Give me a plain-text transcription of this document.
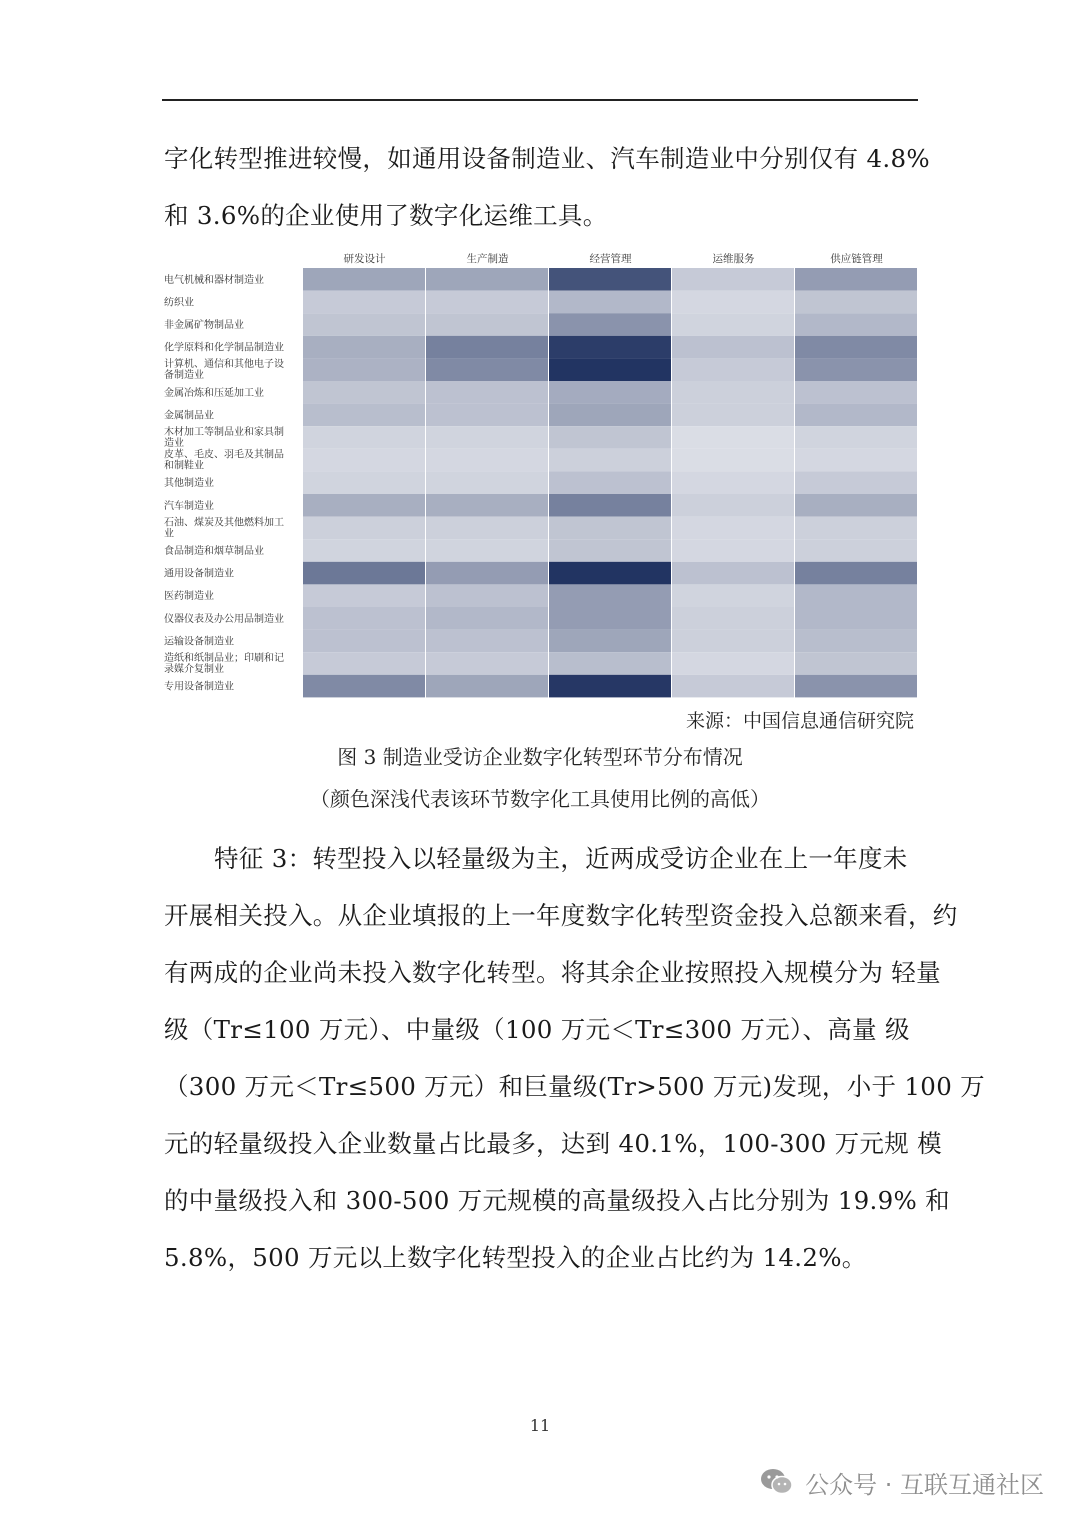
字化转型推进较慢，如通用设备制造业、汽车制造业中分别仅有 4.8%
和 3.6%的企业使用了数字化运维工具。
研发设计	生产制造	经营管理	运维服务	供应链管理
电气机械和器材制造业
纺织业
非金属矿物制品业
化学原料和化学制品制造业
计算机、通信和其他电子设
备制造业
金属冶炼和压延加工业
金属制品业
木材加工等制品业和家具制
造业
皮革、毛皮、羽毛及其制品
和制鞋业
其他制造业
汽车制造业
石油、煤炭及其他燃料加工
业
食品制造和烟草制品业
通用设备制造业
医药制造业
仪器仪表及办公用品制造业
运输设备制造业
造纸和纸制品业；印刷和记
录媒介复制业
专用设备制造业
来源：中国信息通信研究院
图 3 制造业受访企业数字化转型环节分布情况
（颜色深浅代表该环节数字化工具使用比例的高低）
特征 3：转型投入以轻量级为主，近两成受访企业在上一年度未
开展相关投入。从企业填报的上一年度数字化转型资金投入总额来看，约
有两成的企业尚未投入数字化转型。将其余企业按照投入规模分为 轻量
级（Tr≤100 万元）、中量级（100 万元＜Tr≤300 万元）、高量 级
（300 万元＜Tr≤500 万元）和巨量级(Tr>500 万元)发现，小于 100 万
元的轻量级投入企业数量占比最多，达到 40.1%，100-300 万元规 模
的中量级投入和 300-500 万元规模的高量级投入占比分别为 19.9% 和
5.8%，500 万元以上数字化转型投入的企业占比约为 14.2%。
11
公众号 · 互联互通社区
